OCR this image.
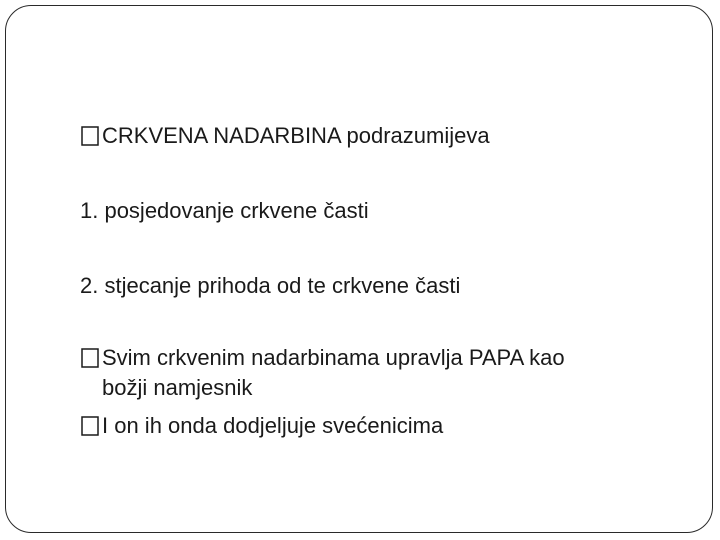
CRKVENA NADARBINA podrazumijeva
1. posjedovanje crkvene časti
2. stjecanje prihoda od te crkvene časti
Svim crkvenim nadarbinama upravlja PAPA kao
božji namjesnik
I on ih onda dodjeljuje svećenicima
